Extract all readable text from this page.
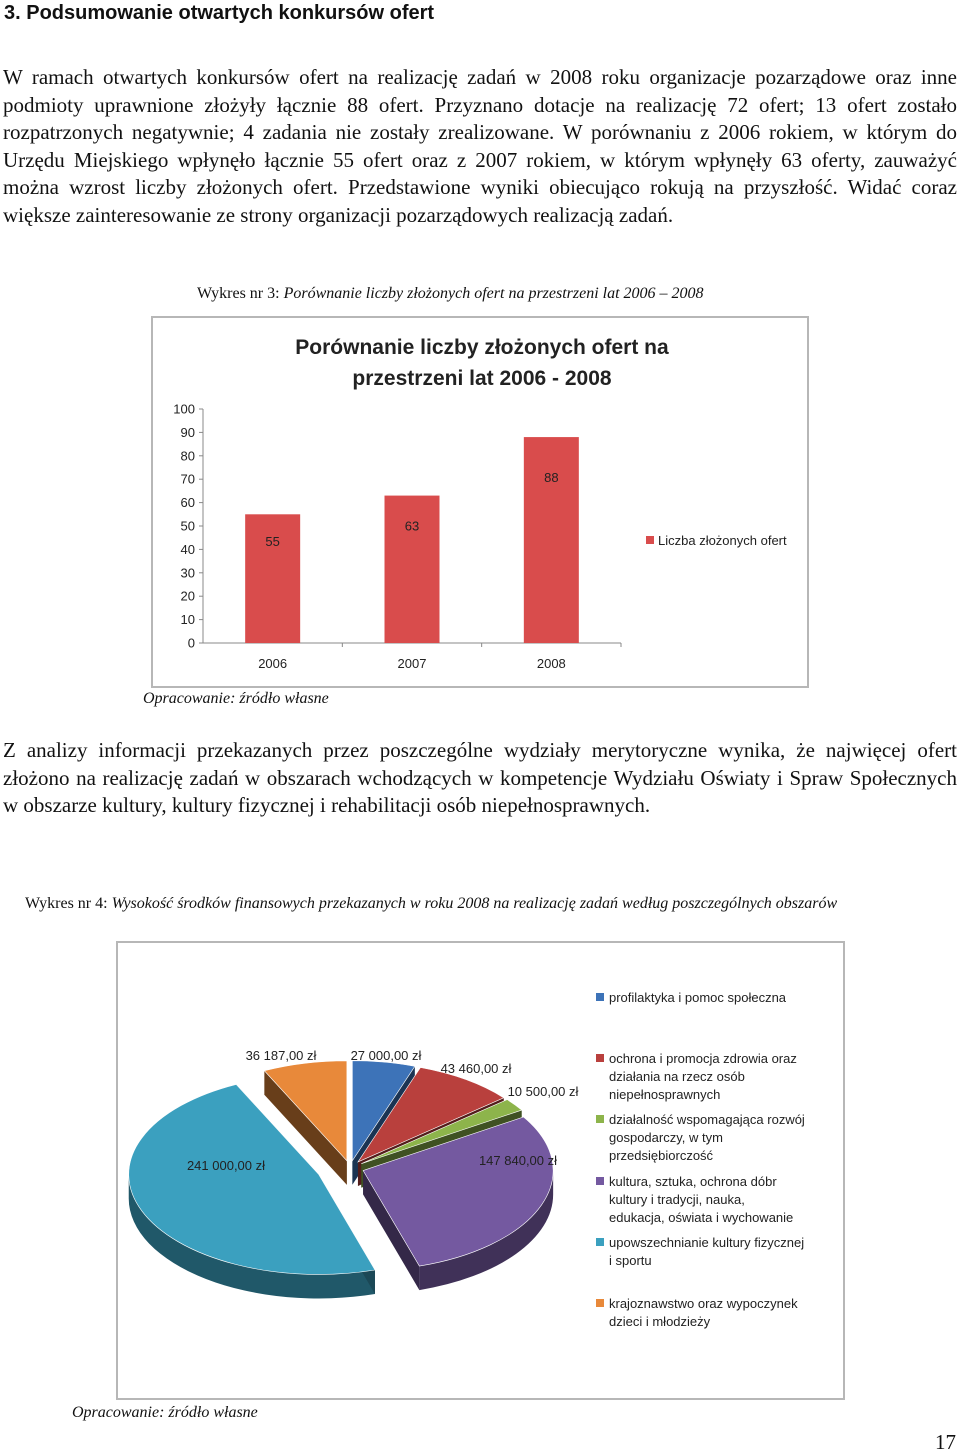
3. Podsumowanie otwartych konkursów ofert

W ramach otwartych konkursów ofert na realizację zadań w 2008 roku organizacje pozarządowe oraz inne podmioty uprawnione złożyły łącznie 88 ofert. Przyznano dotacje na realizację 72 ofert; 13 ofert zostało rozpatrzonych negatywnie; 4 zadania nie zostały zrealizowane. W porównaniu z 2006 rokiem, w którym do Urzędu Miejskiego wpłynęło łącznie 55 ofert oraz z 2007 rokiem, w którym wpłynęły 63 oferty, zauważyć można wzrost liczby złożonych ofert. Przedstawione wyniki obiecująco rokują na przyszłość. Widać coraz większe zainteresowanie ze strony organizacji pozarządowych realizacją zadań.

Wykres nr 3: Porównanie liczby złożonych ofert na przestrzeni lat 2006 – 2008
Porównanie liczby złożonych ofert na
przestrzeni lat 2006 - 2008
0
10
20
30
40
50
60
70
80
90
100
55
2006
63
2007
88
2008
Liczba złożonych ofert
Opracowanie: źródło własne

Z analizy informacji przekazanych przez poszczególne wydziały merytoryczne wynika, że najwięcej ofert złożono na realizację zadań w obszarach wchodzących w kompetencje Wydziału Oświaty i Spraw Społecznych w obszarze kultury, kultury fizycznej i rehabilitacji osób niepełnosprawnych.

Wykres nr 4: Wysokość środków finansowych przekazanych w roku 2008 na realizację zadań według poszczególnych obszarów
27 000,00 zł
43 460,00 zł
10 500,00 zł
147 840,00 zł
241 000,00 zł
36 187,00 zł
profilaktyka i pomoc społeczna
ochrona i promocja zdrowia oraz działania na rzecz osób niepełnosprawnych
działalność wspomagająca rozwój gospodarczy, w tym przedsiębiorczość
kultura, sztuka, ochrona dóbr kultury i tradycji, nauka, edukacja, oświata i wychowanie
upowszechnianie kultury fizycznej i sportu
krajoznawstwo oraz wypoczynek dzieci i młodzieży
Opracowanie: źródło własne
17
